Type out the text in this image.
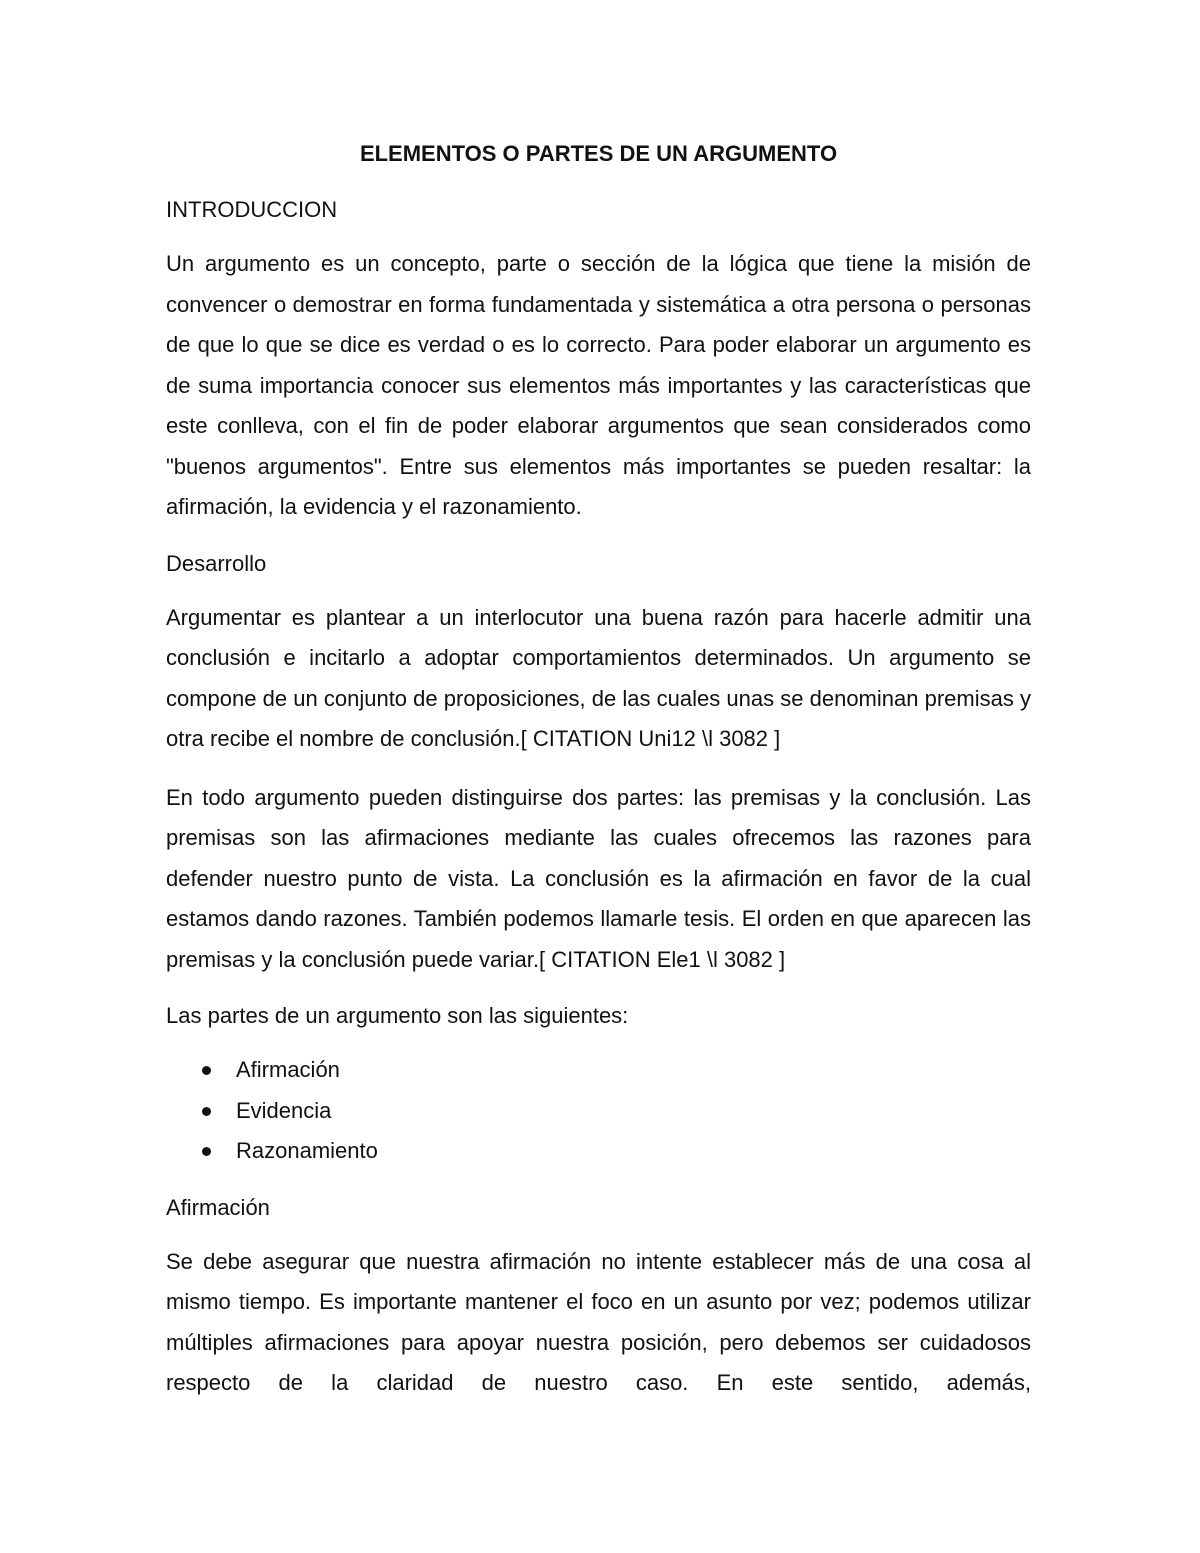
ELEMENTOS O PARTES DE UN ARGUMENTO

INTRODUCCION

Un argumento es un concepto, parte o sección de la lógica que tiene la misión de convencer o demostrar en forma fundamentada y sistemática a otra persona o personas de que lo que se dice es verdad o es lo correcto. Para poder elaborar un argumento es de suma importancia conocer sus elementos más importantes y las características que este conlleva, con el fin de poder elaborar argumentos que sean considerados como "buenos argumentos". Entre sus elementos más importantes se pueden resaltar: la afirmación, la evidencia y el razonamiento.

Desarrollo

Argumentar es plantear a un interlocutor una buena razón para hacerle admitir una conclusión e incitarlo a adoptar comportamientos determinados. Un argumento se compone de un conjunto de proposiciones, de las cuales unas se denominan premisas y otra recibe el nombre de conclusión.[ CITATION Uni12 \l 3082 ]

En todo argumento pueden distinguirse dos partes: las premisas y la conclusión. Las premisas son las afirmaciones mediante las cuales ofrecemos las razones para defender nuestro punto de vista. La conclusión es la afirmación en favor de la cual estamos dando razones. También podemos llamarle tesis. El orden en que aparecen las premisas y la conclusión puede variar.[ CITATION Ele1 \l 3082 ]

Las partes de un argumento son las siguientes:

Afirmación
Evidencia
Razonamiento

Afirmación

Se debe asegurar que nuestra afirmación no intente establecer más de una cosa al mismo tiempo. Es importante mantener el foco en un asunto por vez; podemos utilizar múltiples afirmaciones para apoyar nuestra posición, pero debemos ser cuidadosos respecto de la claridad de nuestro caso. En este sentido, además,
